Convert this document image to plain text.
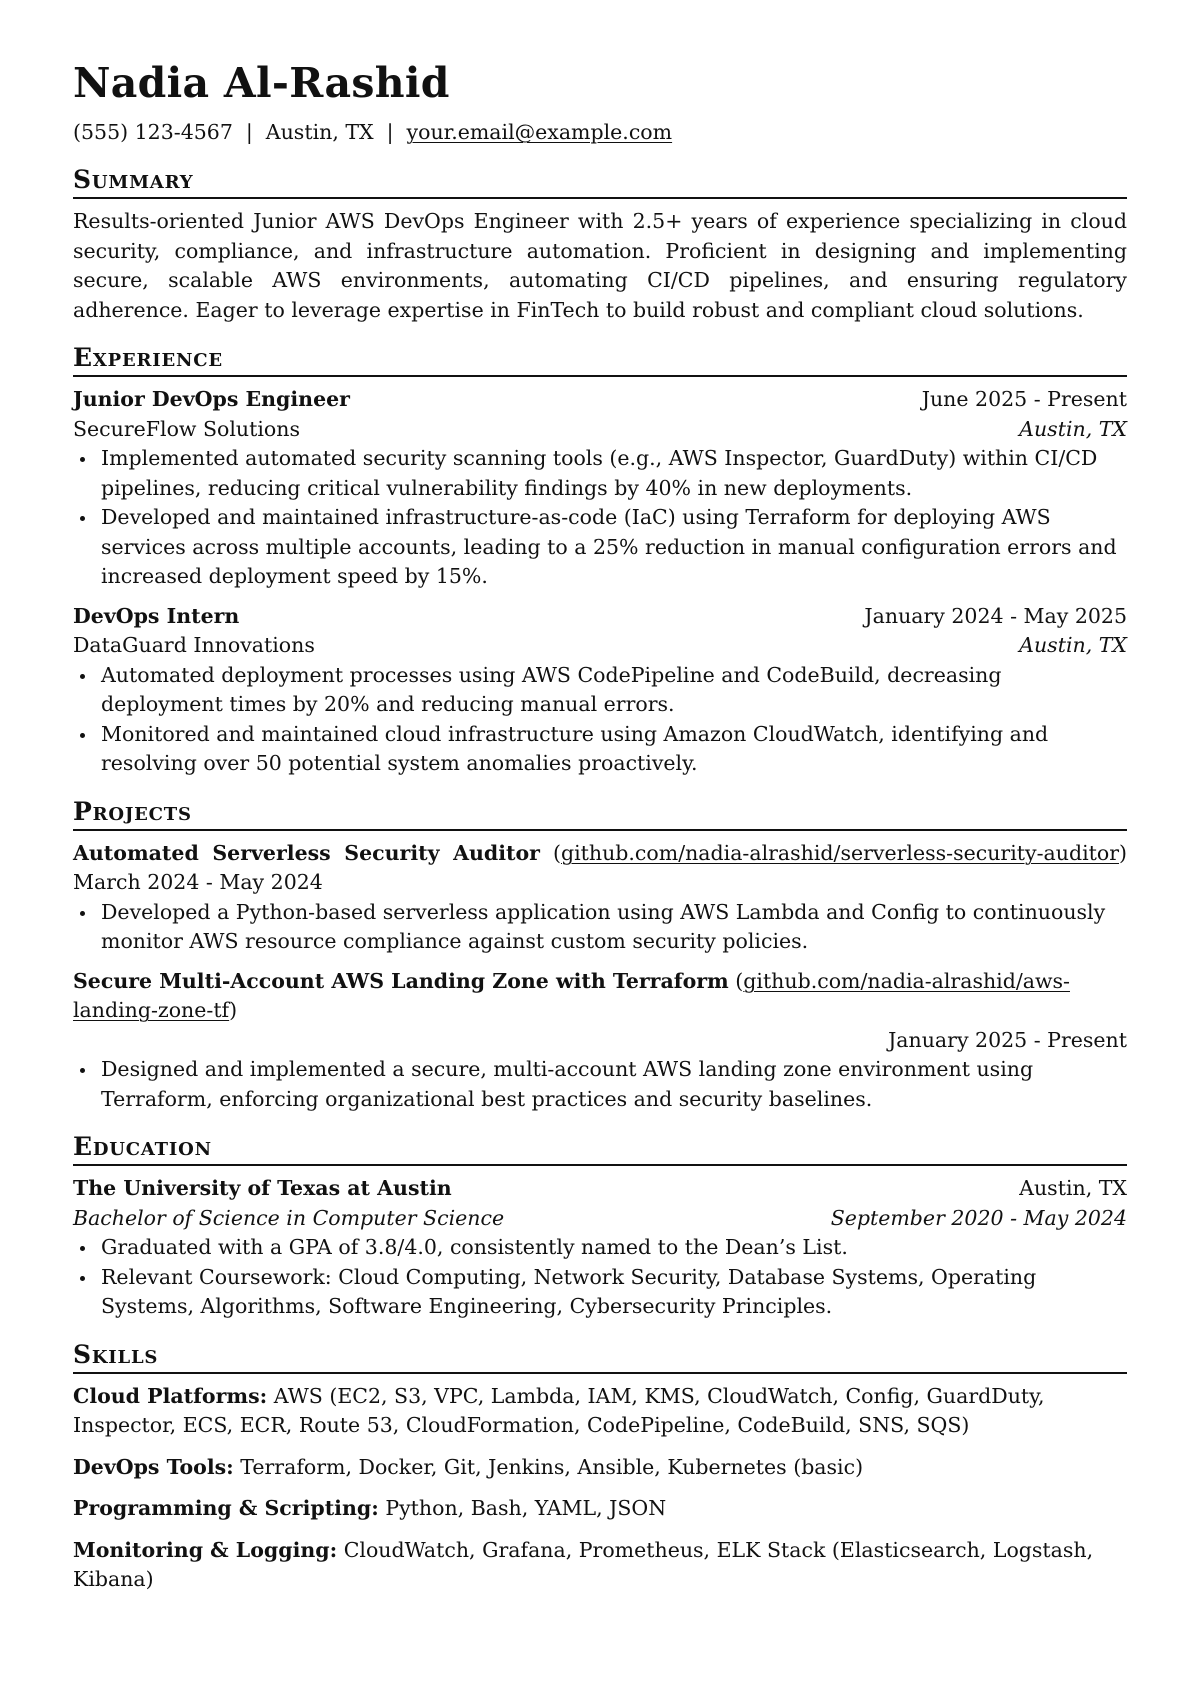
Nadia Al-Rashid
(555) 123-4567 | Austin, TX | your.email@example.com
Summary

Results-oriented Junior AWS DevOps Engineer with 2.5+ years of experience specializing in cloud security, compliance, and infrastructure automation. Proficient in designing and implementing secure, scalable AWS environments, automating CI/CD pipelines, and ensuring regulatory adherence. Eager to leverage expertise in FinTech to build robust and compliant cloud solutions.

Experience
Junior DevOps Engineer	June 2025 - Present
SecureFlow Solutions	Austin, TX
Implemented automated security scanning tools (e.g., AWS Inspector, GuardDuty) within CI/CD pipelines, reducing critical vulnerability findings by 40% in new deployments.
Developed and maintained infrastructure-as-code (IaC) using Terraform for deploying AWS services across multiple accounts, leading to a 25% reduction in manual configuration errors and increased deployment speed by 15%.
DevOps Intern	January 2024 - May 2025
DataGuard Innovations	Austin, TX
Automated deployment processes using AWS CodePipeline and CodeBuild, decreasing deployment times by 20% and reducing manual errors.
Monitored and maintained cloud infrastructure using Amazon CloudWatch, identifying and resolving over 50 potential system anomalies proactively.
Projects

Automated Serverless Security Auditor (github.com/nadia-alrashid/serverless-security-auditor) March 2024 - May 2024

Developed a Python-based serverless application using AWS Lambda and Config to continuously monitor AWS resource compliance against custom security policies.

Secure Multi-Account AWS Landing Zone with Terraform (github.com/nadia-alrashid/aws-landing-zone-tf)

January 2025 - Present
Designed and implemented a secure, multi-account AWS landing zone environment using Terraform, enforcing organizational best practices and security baselines.
Education
The University of Texas at Austin	Austin, TX
Bachelor of Science in Computer Science	September 2020 - May 2024
Graduated with a GPA of 3.8/4.0, consistently named to the Dean’s List.
Relevant Coursework: Cloud Computing, Network Security, Database Systems, Operating Systems, Algorithms, Software Engineering, Cybersecurity Principles.
Skills

Cloud Platforms: AWS (EC2, S3, VPC, Lambda, IAM, KMS, CloudWatch, Config, GuardDuty, Inspector, ECS, ECR, Route 53, CloudFormation, CodePipeline, CodeBuild, SNS, SQS)

DevOps Tools: Terraform, Docker, Git, Jenkins, Ansible, Kubernetes (basic)

Programming & Scripting: Python, Bash, YAML, JSON

Monitoring & Logging: CloudWatch, Grafana, Prometheus, ELK Stack (Elasticsearch, Logstash, Kibana)
